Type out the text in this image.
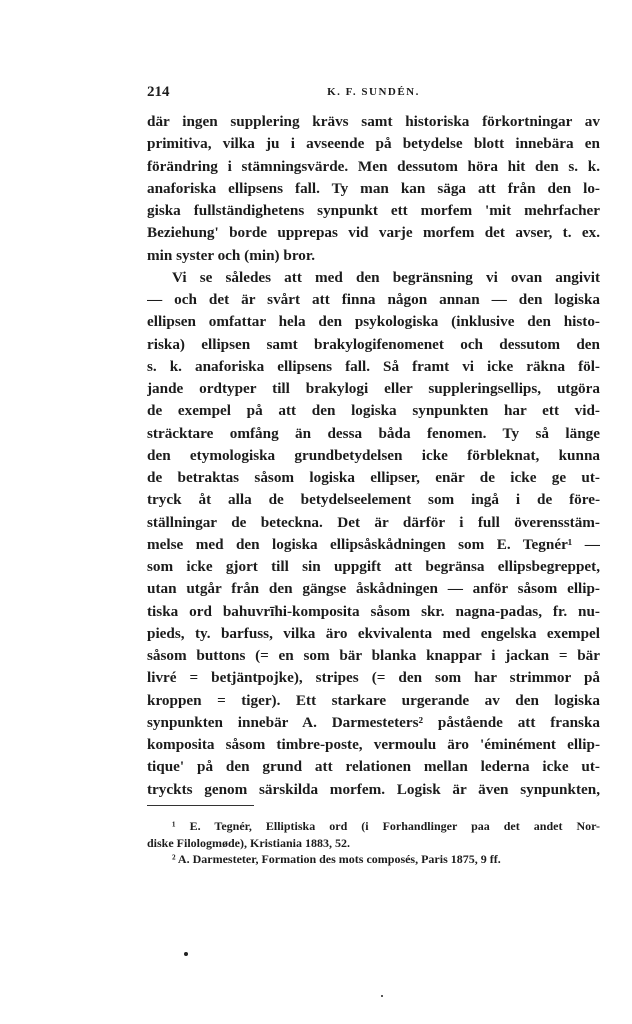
214	K. F. SUNDÉN.
där ingen supplering krävs samt historiska förkortningar av
primitiva, vilka ju i avseende på betydelse blott innebära en
förändring i stämningsvärde. Men dessutom höra hit den s. k.
anaforiska ellipsens fall. Ty man kan säga att från den lo-
giska fullständighetens synpunkt ett morfem 'mit mehrfacher
Beziehung' borde upprepas vid varje morfem det avser, t. ex.
min syster och (min) bror.
Vi se således att med den begränsning vi ovan angivit
— och det är svårt att finna någon annan — den logiska
ellipsen omfattar hela den psykologiska (inklusive den histo-
riska) ellipsen samt brakylogifenomenet och dessutom den
s. k. anaforiska ellipsens fall. Så framt vi icke räkna föl-
jande ordtyper till brakylogi eller suppleringsellips, utgöra
de exempel på att den logiska synpunkten har ett vid-
sträcktare omfång än dessa båda fenomen. Ty så länge
den etymologiska grundbetydelsen icke förbleknat, kunna
de betraktas såsom logiska ellipser, enär de icke ge ut-
tryck åt alla de betydelseelement som ingå i de före-
ställningar de beteckna. Det är därför i full överensstäm-
melse med den logiska ellipsåskådningen som E. Tegnér¹ —
som icke gjort till sin uppgift att begränsa ellipsbegreppet,
utan utgår från den gängse åskådningen — anför såsom ellip-
tiska ord bahuvrīhi-komposita såsom skr. nagna-padas, fr. nu-
pieds, ty. barfuss, vilka äro ekvivalenta med engelska exempel
såsom buttons (= en som bär blanka knappar i jackan = bär
livré = betjäntpojke), stripes (= den som har strimmor på
kroppen = tiger). Ett starkare urgerande av den logiska
synpunkten innebär A. Darmesteters² påstående att franska
komposita såsom timbre-poste, vermoulu äro 'éminément ellip-
tique' på den grund att relationen mellan lederna icke ut-
tryckts genom särskilda morfem. Logisk är även synpunkten,
¹ E. Tegnér, Elliptiska ord (i Forhandlinger paa det andet Nor-
diske Filologmøde), Kristiania 1883, 52.
² A. Darmesteter, Formation des mots composés, Paris 1875, 9 ff.
